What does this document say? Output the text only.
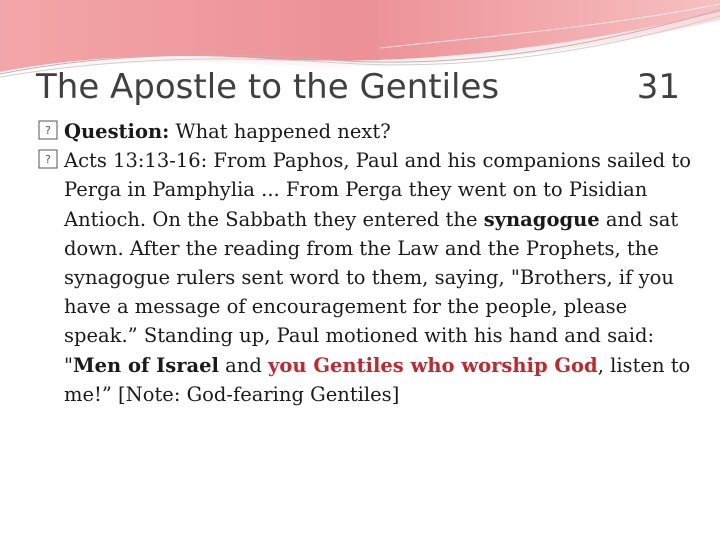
The Apostle to the Gentiles	31

? Question: What happened next?

? Acts 13:13-16: From Paphos, Paul and his companions sailed to Perga in Pamphylia ... From Perga they went on to Pisidian Antioch. On the Sabbath they entered the synagogue and sat down. After the reading from the Law and the Prophets, the synagogue rulers sent word to them, saying, "Brothers, if you have a message of encouragement for the people, please speak.” Standing up, Paul motioned with his hand and said: "Men of Israel and you Gentiles who worship God, listen to me!” [Note: God-fearing Gentiles]
